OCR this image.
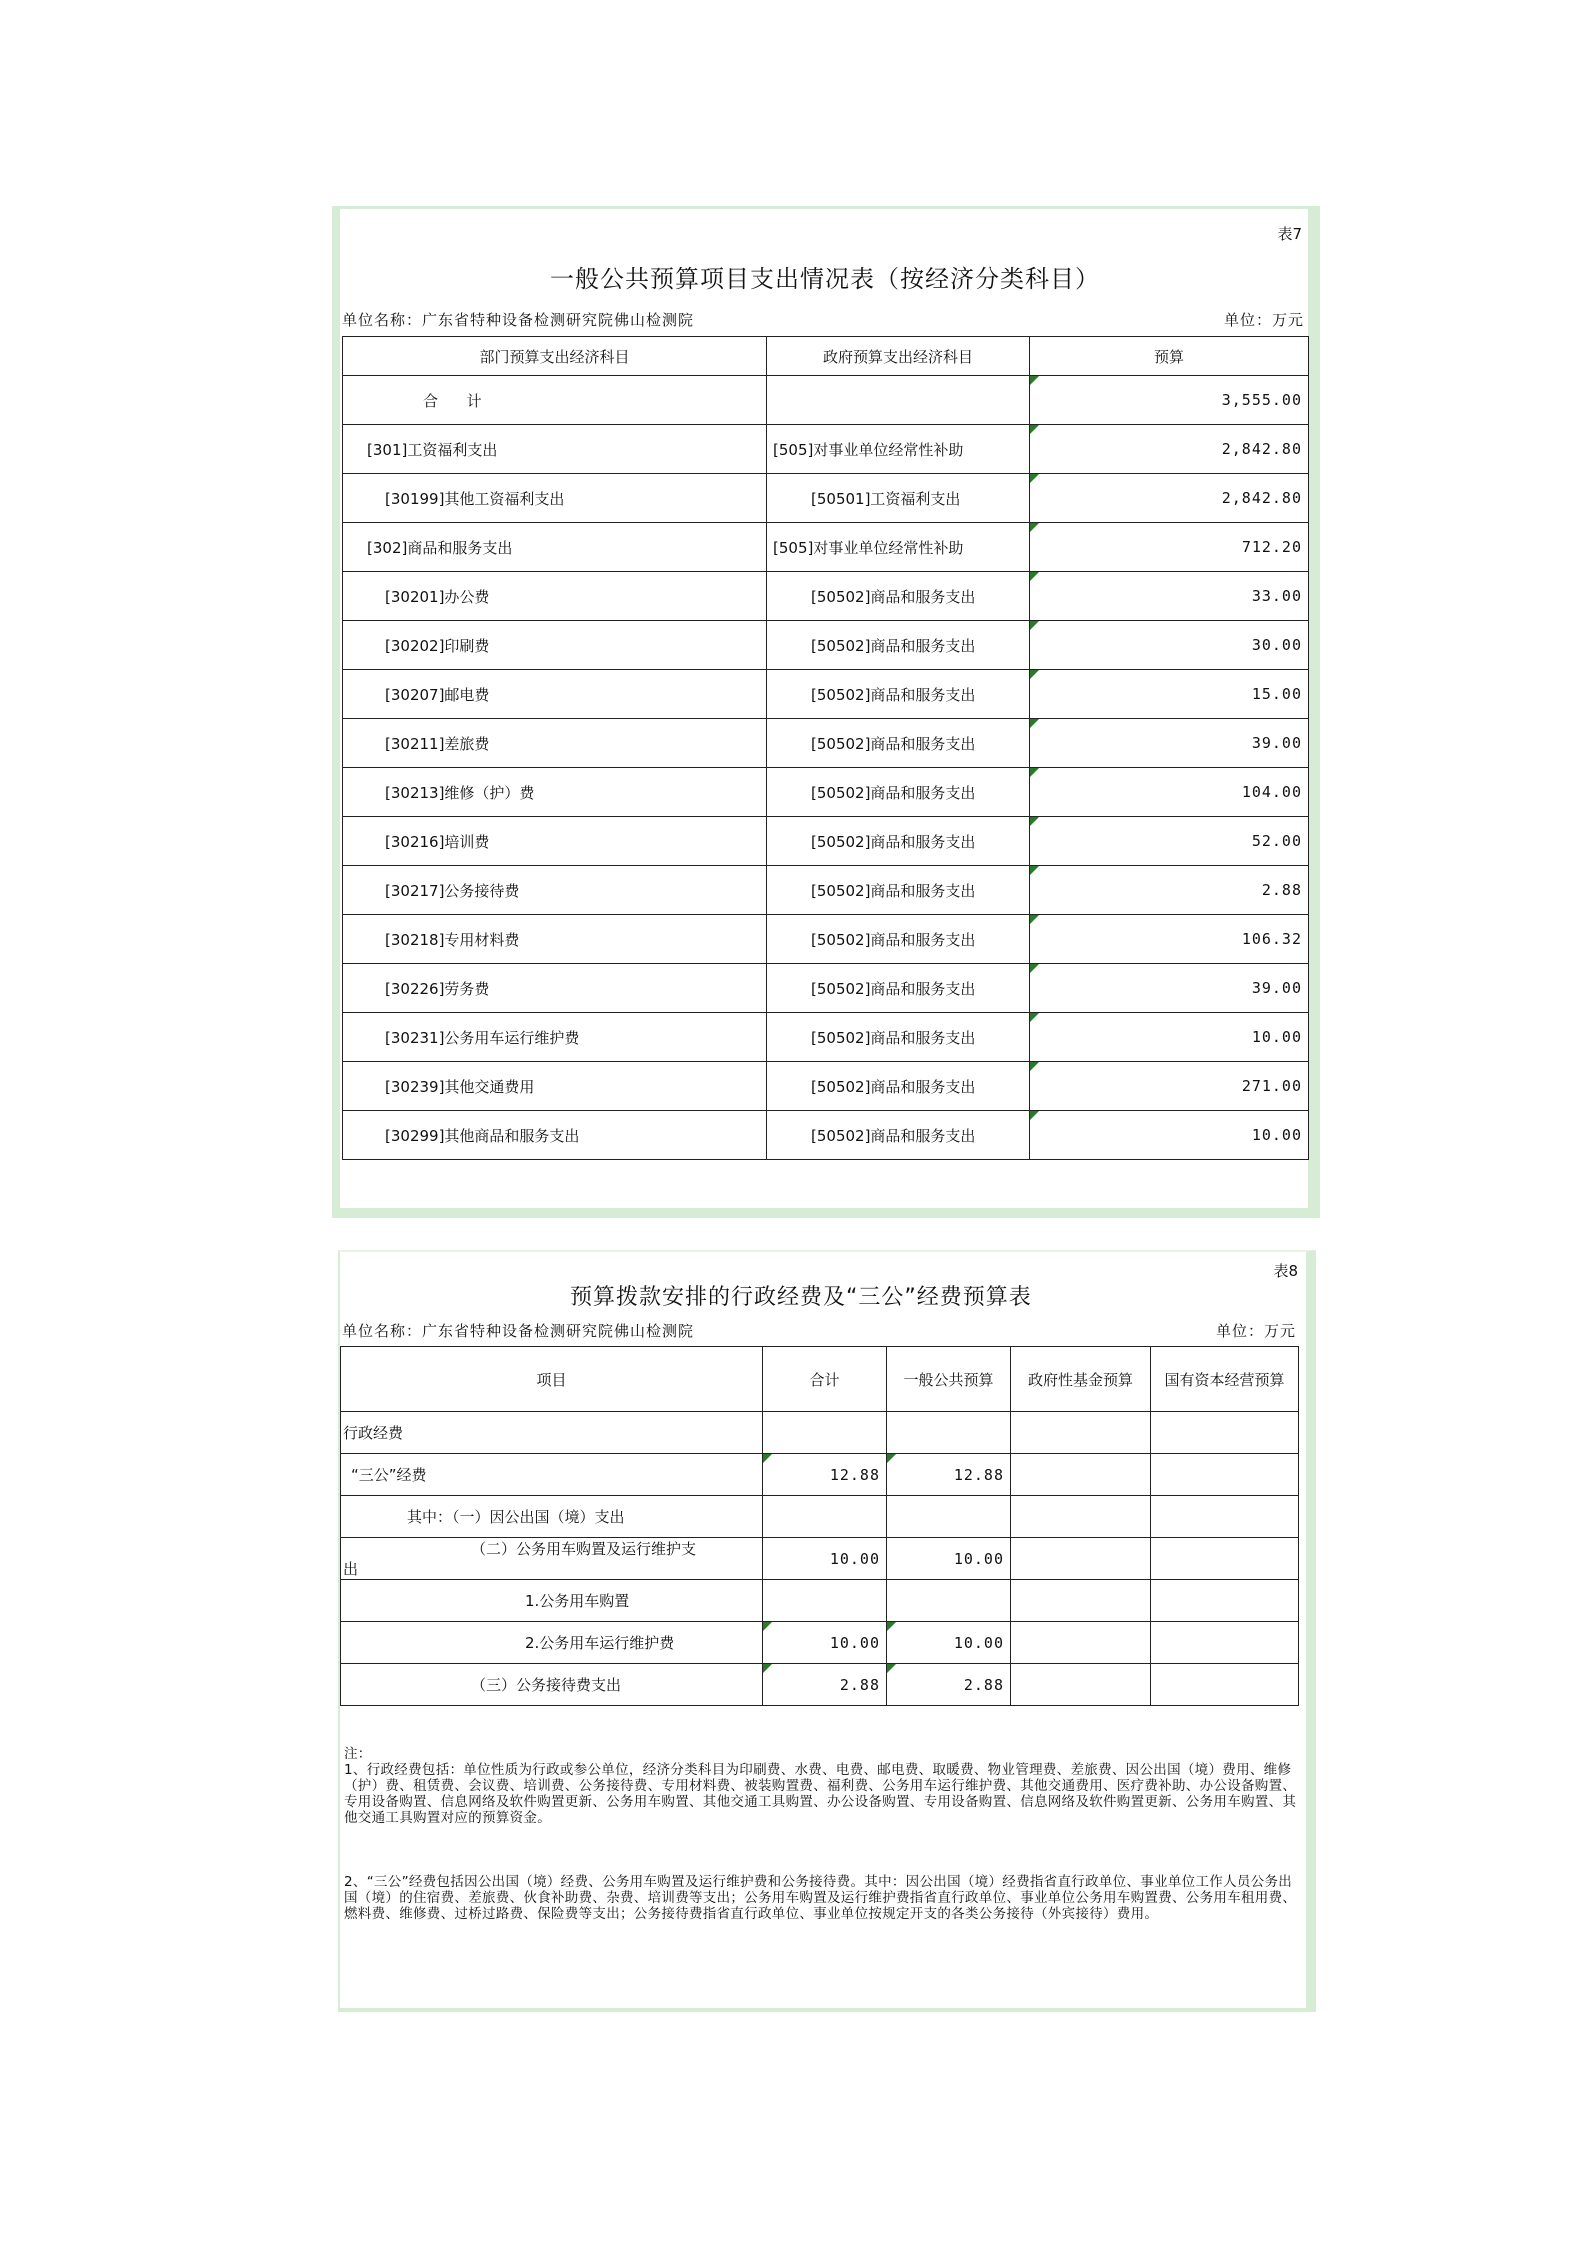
表7
一般公共预算项目支出情况表（按经济分类科目）
单位名称：广东省特种设备检测研究院佛山检测院	单位：万元
部门预算支出经济科目	政府预算支出经济科目	预算
合      计		3,555.00
[301]工资福利支出	[505]对事业单位经常性补助	2,842.80
[30199]其他工资福利支出	[50501]工资福利支出	2,842.80
[302]商品和服务支出	[505]对事业单位经常性补助	712.20
[30201]办公费	[50502]商品和服务支出	33.00
[30202]印刷费	[50502]商品和服务支出	30.00
[30207]邮电费	[50502]商品和服务支出	15.00
[30211]差旅费	[50502]商品和服务支出	39.00
[30213]维修（护）费	[50502]商品和服务支出	104.00
[30216]培训费	[50502]商品和服务支出	52.00
[30217]公务接待费	[50502]商品和服务支出	2.88
[30218]专用材料费	[50502]商品和服务支出	106.32
[30226]劳务费	[50502]商品和服务支出	39.00
[30231]公务用车运行维护费	[50502]商品和服务支出	10.00
[30239]其他交通费用	[50502]商品和服务支出	271.00
[30299]其他商品和服务支出	[50502]商品和服务支出	10.00
表8
预算拨款安排的行政经费及“三公”经费预算表
单位名称：广东省特种设备检测研究院佛山检测院	单位：万元
项目	合计	一般公共预算	政府性基金预算	国有资本经营预算
行政经费				
“三公”经费	12.88	12.88		
其中：（一）因公出国（境）支出				

（二）公务用车购置及运行维护支
出	10.00	10.00		
1.公务用车购置				
2.公务用车运行维护费	10.00	10.00		
（三）公务接待费支出	2.88	2.88		

注：

1、行政经费包括：单位性质为行政或参公单位，经济分类科目为印刷费、水费、电费、邮电费、取暖费、物业管理费、差旅费、因公出国（境）费用、维修（护）费、租赁费、会议费、培训费、公务接待费、专用材料费、被装购置费、福利费、公务用车运行维护费、其他交通费用、医疗费补助、办公设备购置、专用设备购置、信息网络及软件购置更新、公务用车购置、其他交通工具购置、办公设备购置、专用设备购置、信息网络及软件购置更新、公务用车购置、其他交通工具购置对应的预算资金。

2、“三公”经费包括因公出国（境）经费、公务用车购置及运行维护费和公务接待费。其中：因公出国（境）经费指省直行政单位、事业单位工作人员公务出国（境）的住宿费、差旅费、伙食补助费、杂费、培训费等支出；公务用车购置及运行维护费指省直行政单位、事业单位公务用车购置费、公务用车租用费、燃料费、维修费、过桥过路费、保险费等支出；公务接待费指省直行政单位、事业单位按规定开支的各类公务接待（外宾接待）费用。
